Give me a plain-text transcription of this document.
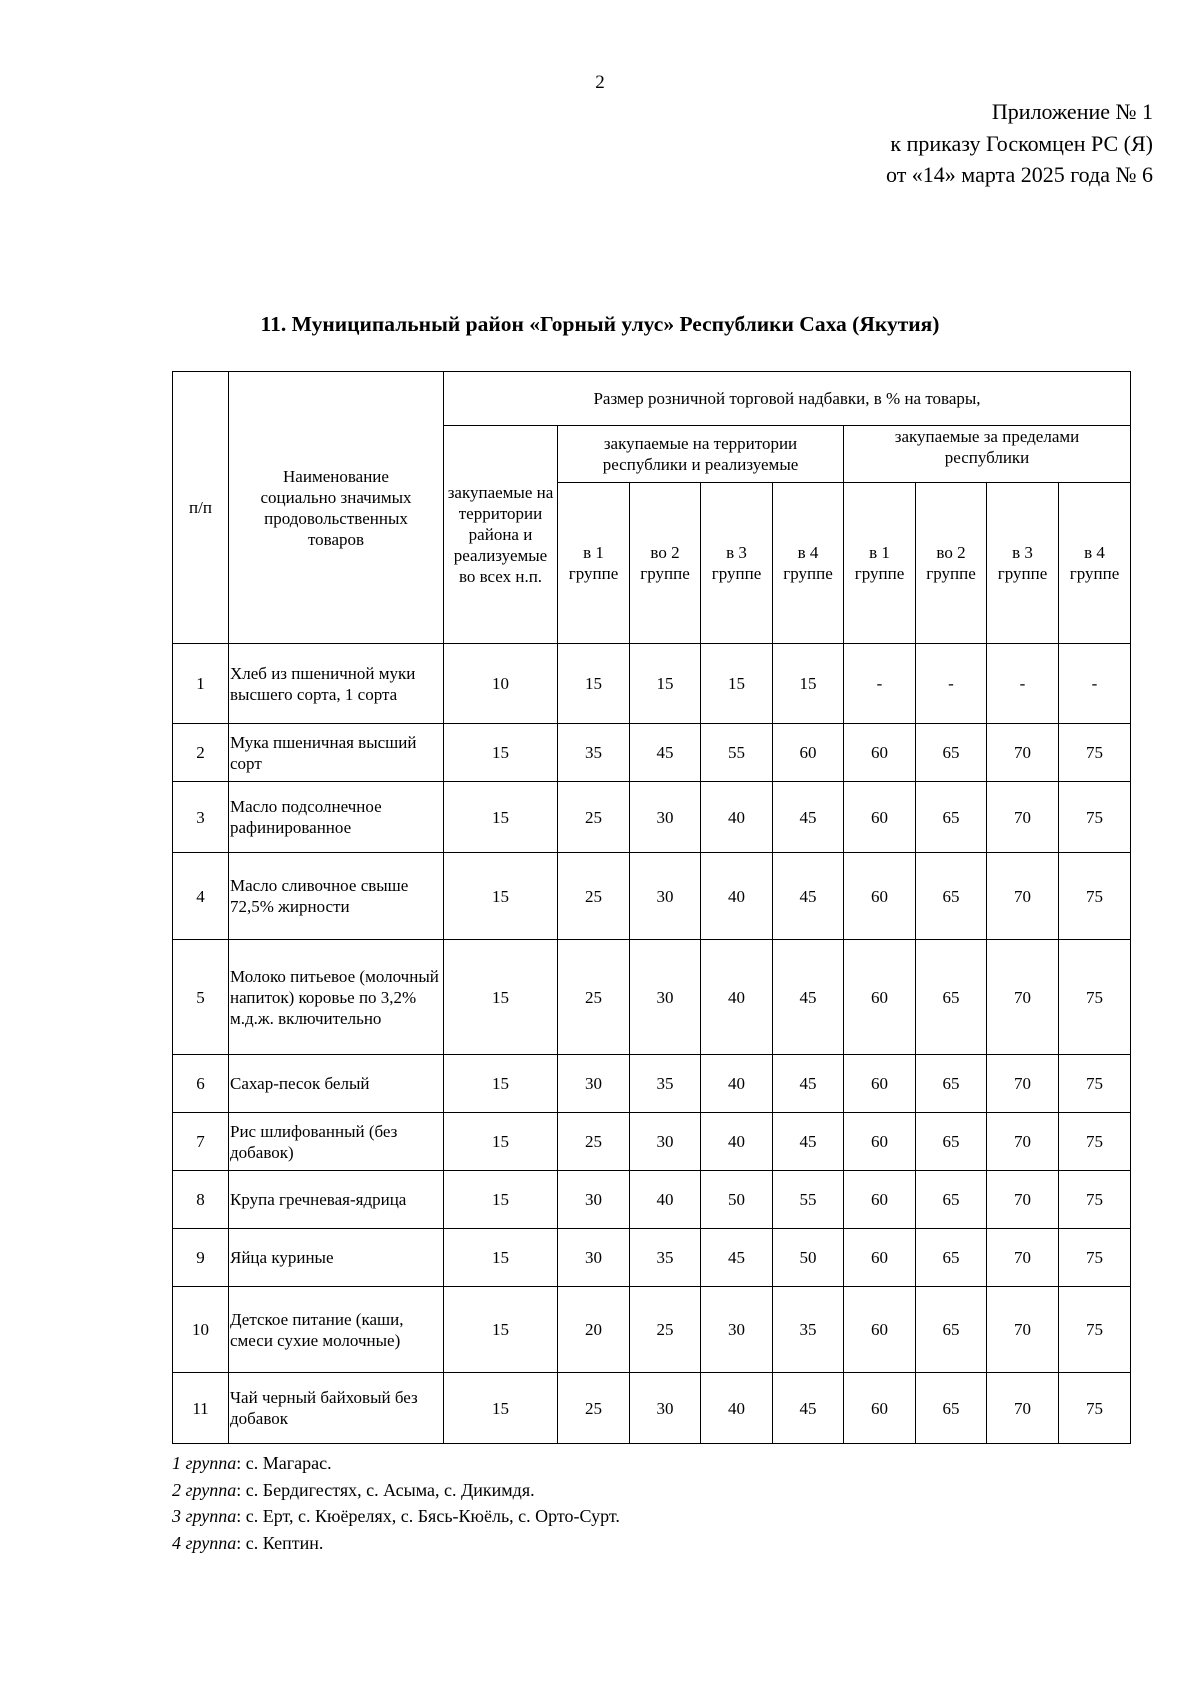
2
Приложение № 1
к приказу Госкомцен РС (Я)
от «14» марта 2025 года № 6
11. Муниципальный район «Горный улус» Республики Саха (Якутия)
п/п	Наименование социально значимых продовольственных товаров	Размер розничной торговой надбавки, в % на товары,								
		закупаемые на территории района и реализуемые во всех н.п.	закупаемые на территории республики и реализуемые				закупаемые за пределами республики			
			в 1 группе	во 2 группе	в 3 группе	в 4 группе	в 1 группе	во 2 группе	в 3 группе	в 4 группе
1	Хлеб из пшеничной муки высшего сорта, 1 сорта	10	15	15	15	15	-	-	-	-
2	Мука пшеничная высший сорт	15	35	45	55	60	60	65	70	75
3	Масло подсолнечное рафинированное	15	25	30	40	45	60	65	70	75
4	Масло сливочное свыше 72,5% жирности	15	25	30	40	45	60	65	70	75
5	Молоко питьевое (молочный напиток) коровье по 3,2% м.д.ж. включительно	15	25	30	40	45	60	65	70	75
6	Сахар-песок белый	15	30	35	40	45	60	65	70	75
7	Рис шлифованный (без добавок)	15	25	30	40	45	60	65	70	75
8	Крупа гречневая-ядрица	15	30	40	50	55	60	65	70	75
9	Яйца куриные	15	30	35	45	50	60	65	70	75
10	Детское питание (каши, смеси сухие молочные)	15	20	25	30	35	60	65	70	75
11	Чай черный байховый без добавок	15	25	30	40	45	60	65	70	75
1 группа: с. Магарас.
2 группа: с. Бердигестях, с. Асыма, с. Дикимдя.
3 группа: с. Ерт, с. Кюёрелях, с. Бясь-Кюёль, с. Орто-Сурт.
4 группа: с. Кептин.
